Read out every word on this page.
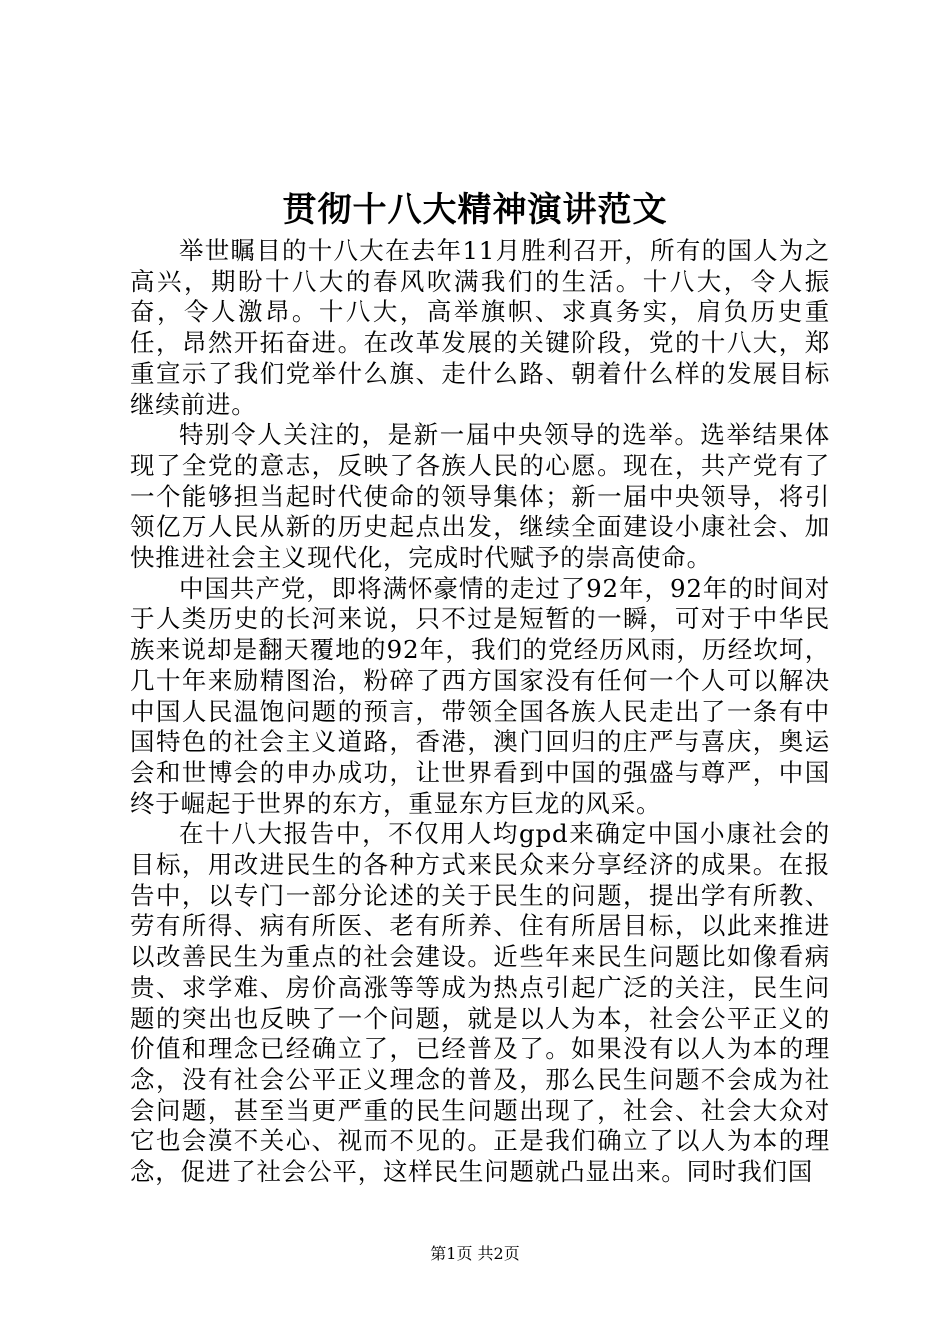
贯彻十八大精神演讲范文

举世瞩目的十八大在去年11月胜利召开，所有的国人为之高兴，期盼十八大的春风吹满我们的生活。十八大，令人振奋，令人激昂。十八大，高举旗帜、求真务实，肩负历史重任，昂然开拓奋进。在改革发展的关键阶段，党的十八大，郑重宣示了我们党举什么旗、走什么路、朝着什么样的发展目标继续前进。

特别令人关注的，是新一届中央领导的选举。选举结果体现了全党的意志，反映了各族人民的心愿。现在，共产党有了一个能够担当起时代使命的领导集体；新一届中央领导，将引领亿万人民从新的历史起点出发，继续全面建设小康社会、加快推进社会主义现代化，完成时代赋予的崇高使命。

中国共产党，即将满怀豪情的走过了92年，92年的时间对于人类历史的长河来说，只不过是短暂的一瞬，可对于中华民族来说却是翻天覆地的92年，我们的党经历风雨，历经坎坷，几十年来励精图治，粉碎了西方国家没有任何一个人可以解决中国人民温饱问题的预言，带领全国各族人民走出了一条有中国特色的社会主义道路，香港，澳门回归的庄严与喜庆，奥运会和世博会的申办成功，让世界看到中国的强盛与尊严，中国终于崛起于世界的东方，重显东方巨龙的风采。

在十八大报告中，不仅用人均gpd来确定中国小康社会的目标，用改进民生的各种方式来民众来分享经济的成果。在报告中，以专门一部分论述的关于民生的问题，提出学有所教、劳有所得、病有所医、老有所养、住有所居目标，以此来推进以改善民生为重点的社会建设。近些年来民生问题比如像看病贵、求学难、房价高涨等等成为热点引起广泛的关注，民生问题的突出也反映了一个问题，就是以人为本，社会公平正义的价值和理念已经确立了，已经普及了。如果没有以人为本的理念，没有社会公平正义理念的普及，那么民生问题不会成为社会问题，甚至当更严重的民生问题出现了，社会、社会大众对它也会漠不关心、视而不见的。正是我们确立了以人为本的理念，促进了社会公平，这样民生问题就凸显出来。同时我们国

第1页 共2页
